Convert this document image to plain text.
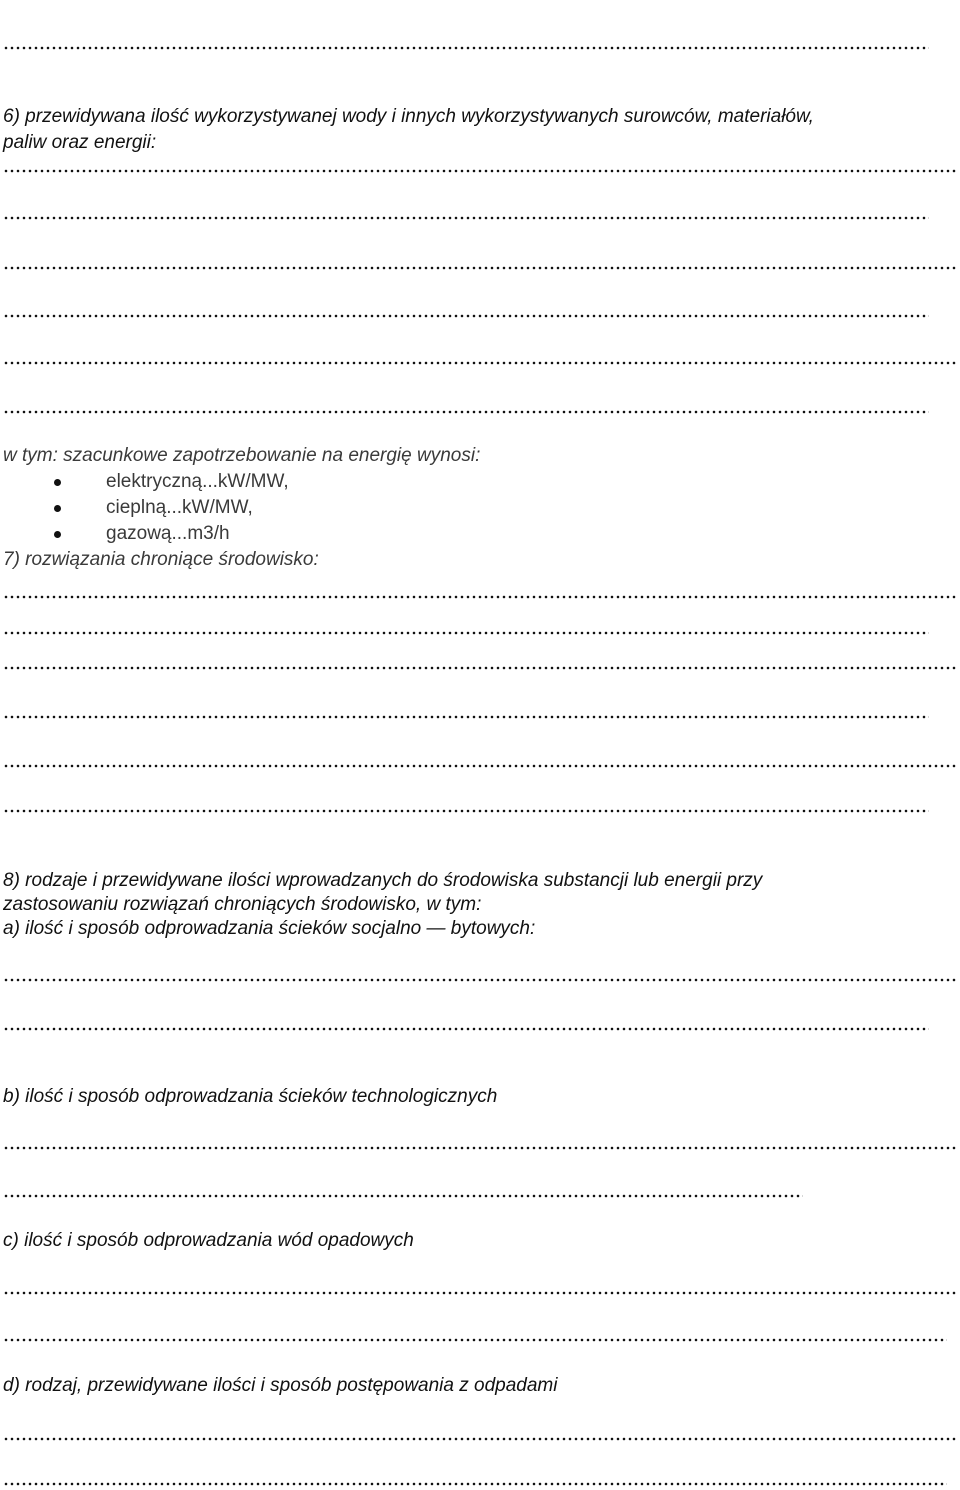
6) przewidywana ilość wykorzystywanej wody i innych wykorzystywanych surowców, materiałów,
paliw oraz energii:
w tym: szacunkowe zapotrzebowanie na energię wynosi:
elektryczną...kW/MW,
cieplną...kW/MW,
gazową...m3/h
7) rozwiązania chroniące środowisko:
8) rodzaje i przewidywane ilości wprowadzanych do środowiska substancji lub energii przy
zastosowaniu rozwiązań chroniących środowisko, w tym:
a) ilość i sposób odprowadzania ścieków socjalno — bytowych:
b) ilość i sposób odprowadzania ścieków technologicznych
c) ilość i sposób odprowadzania wód opadowych
d) rodzaj, przewidywane ilości i sposób postępowania z odpadami
